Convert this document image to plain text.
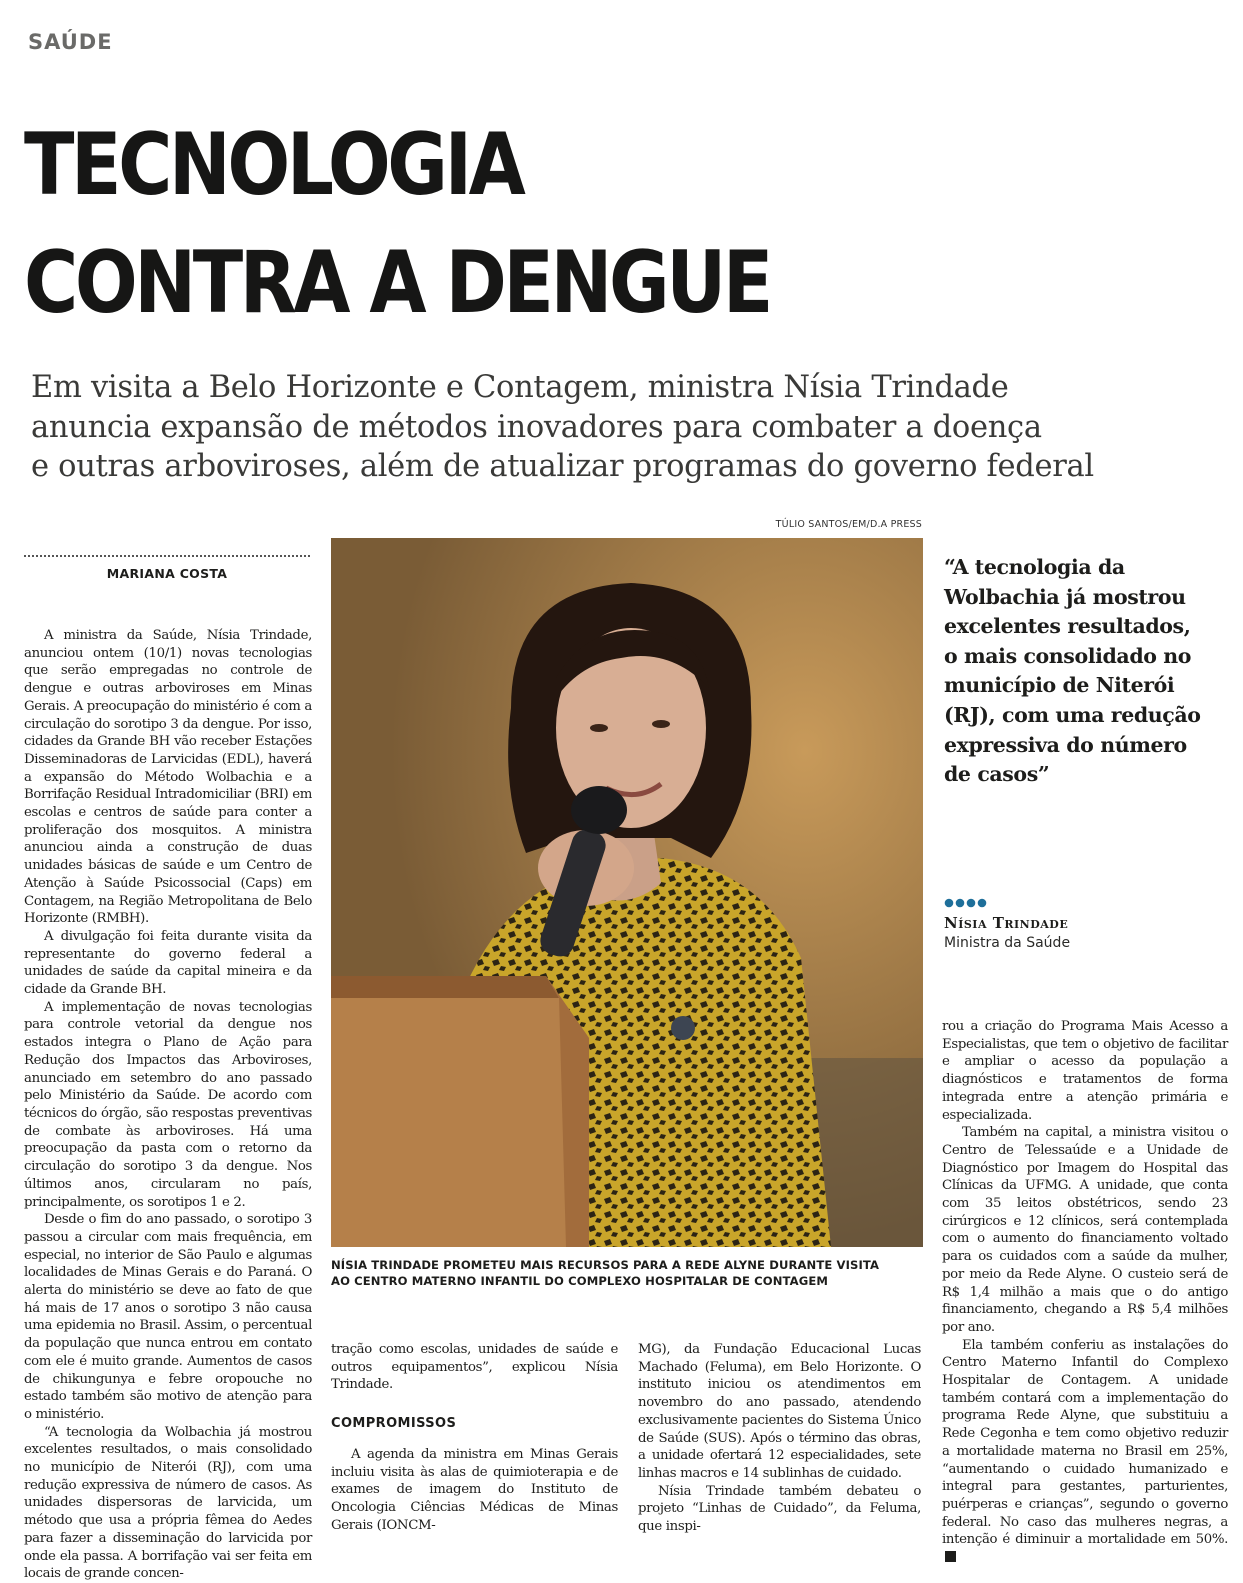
SAÚDE
TECNOLOGIA
CONTRA A DENGUE

Em visita a Belo Horizonte e Contagem, ministra Nísia Trindade
anuncia expansão de métodos inovadores para combater a doença
e outras arboviroses, além de atualizar programas do governo federal

TÚLIO SANTOS/EM/D.A PRESS
MARIANA COSTA

A ministra da Saúde, Nísia Trindade, anunciou ontem (10/1) novas tecnologias que serão empregadas no controle de dengue e outras arboviroses em Minas Gerais. A preocupação do ministério é com a circulação do sorotipo 3 da dengue. Por isso, cidades da Grande BH vão receber Estações Disseminadoras de Larvicidas (EDL), haverá a expansão do Método Wolbachia e a Borrifação Residual Intradomiciliar (BRI) em escolas e centros de saúde para conter a proliferação dos mosquitos. A ministra anunciou ainda a construção de duas unidades básicas de saúde e um Centro de Atenção à Saúde Psicossocial (Caps) em Contagem, na Região Metropolitana de Belo Horizonte (RMBH).

A divulgação foi feita durante visita da representante do governo federal a unidades de saúde da capital mineira e da cidade da Grande BH.

A implementação de novas tecnologias para controle vetorial da dengue nos estados integra o Plano de Ação para Redução dos Impactos das Arboviroses, anunciado em setembro do ano passado pelo Ministério da Saúde. De acordo com técnicos do órgão, são respostas preventivas de combate às arboviroses. Há uma preocupação da pasta com o retorno da circulação do sorotipo 3 da dengue. Nos últimos anos, circularam no país, principalmente, os sorotipos 1 e 2.

Desde o fim do ano passado, o sorotipo 3 passou a circular com mais frequência, em especial, no interior de São Paulo e algumas localidades de Minas Gerais e do Paraná. O alerta do ministério se deve ao fato de que há mais de 17 anos o sorotipo 3 não causa uma epidemia no Brasil. Assim, o percentual da população que nunca entrou em contato com ele é muito grande. Aumentos de casos de chikungunya e febre oropouche no estado também são motivo de atenção para o ministério.

“A tecnologia da Wolbachia já mostrou excelentes resultados, o mais consolidado no município de Niterói (RJ), com uma redução expressiva de número de casos. As unidades dispersoras de larvicida, um método que usa a própria fêmea do Aedes para fazer a disseminação do larvicida por onde ela passa. A borrifação vai ser feita em locais de grande concen-

NÍSIA TRINDADE PROMETEU MAIS RECURSOS PARA A REDE ALYNE DURANTE VISITA
AO CENTRO MATERNO INFANTIL DO COMPLEXO HOSPITALAR DE CONTAGEM

tração como escolas, unidades de saúde e outros equipamentos”, explicou Nísia Trindade.

COMPROMISSOS

A agenda da ministra em Minas Gerais incluiu visita às alas de quimioterapia e de exames de imagem do Instituto de Oncologia Ciências Médicas de Minas Gerais (IONCM-

MG), da Fundação Educacional Lucas Machado (Feluma), em Belo Horizonte. O instituto iniciou os atendimentos em novembro do ano passado, atendendo exclusivamente pacientes do Sistema Único de Saúde (SUS). Após o término das obras, a unidade ofertará 12 especialidades, sete linhas macros e 14 sublinhas de cuidado.

Nísia Trindade também debateu o projeto “Linhas de Cuidado”, da Feluma, que inspi-

“A tecnologia da Wolbachia já mostrou excelentes resultados, o mais consolidado no município de Niterói (RJ), com uma redução expressiva do número de casos”

Nísia Trindade
Ministra da Saúde

rou a criação do Programa Mais Acesso a Especialistas, que tem o objetivo de facilitar e ampliar o acesso da população a diagnósticos e tratamentos de forma integrada entre a atenção primária e especializada.

Também na capital, a ministra visitou o Centro de Telessaúde e a Unidade de Diagnóstico por Imagem do Hospital das Clínicas da UFMG. A unidade, que conta com 35 leitos obstétricos, sendo 23 cirúrgicos e 12 clínicos, será contemplada com o aumento do financiamento voltado para os cuidados com a saúde da mulher, por meio da Rede Alyne. O custeio será de R$ 1,4 milhão a mais que o do antigo financiamento, chegando a R$ 5,4 milhões por ano.

Ela também conferiu as instalações do Centro Materno Infantil do Complexo Hospitalar de Contagem. A unidade também contará com a implementação do programa Rede Alyne, que substituiu a Rede Cegonha e tem como objetivo reduzir a mortalidade materna no Brasil em 25%, “aumentando o cuidado humanizado e integral para gestantes, parturientes, puérperas e crianças”, segundo o governo federal. No caso das mulheres negras, a intenção é diminuir a mortalidade em 50%.
